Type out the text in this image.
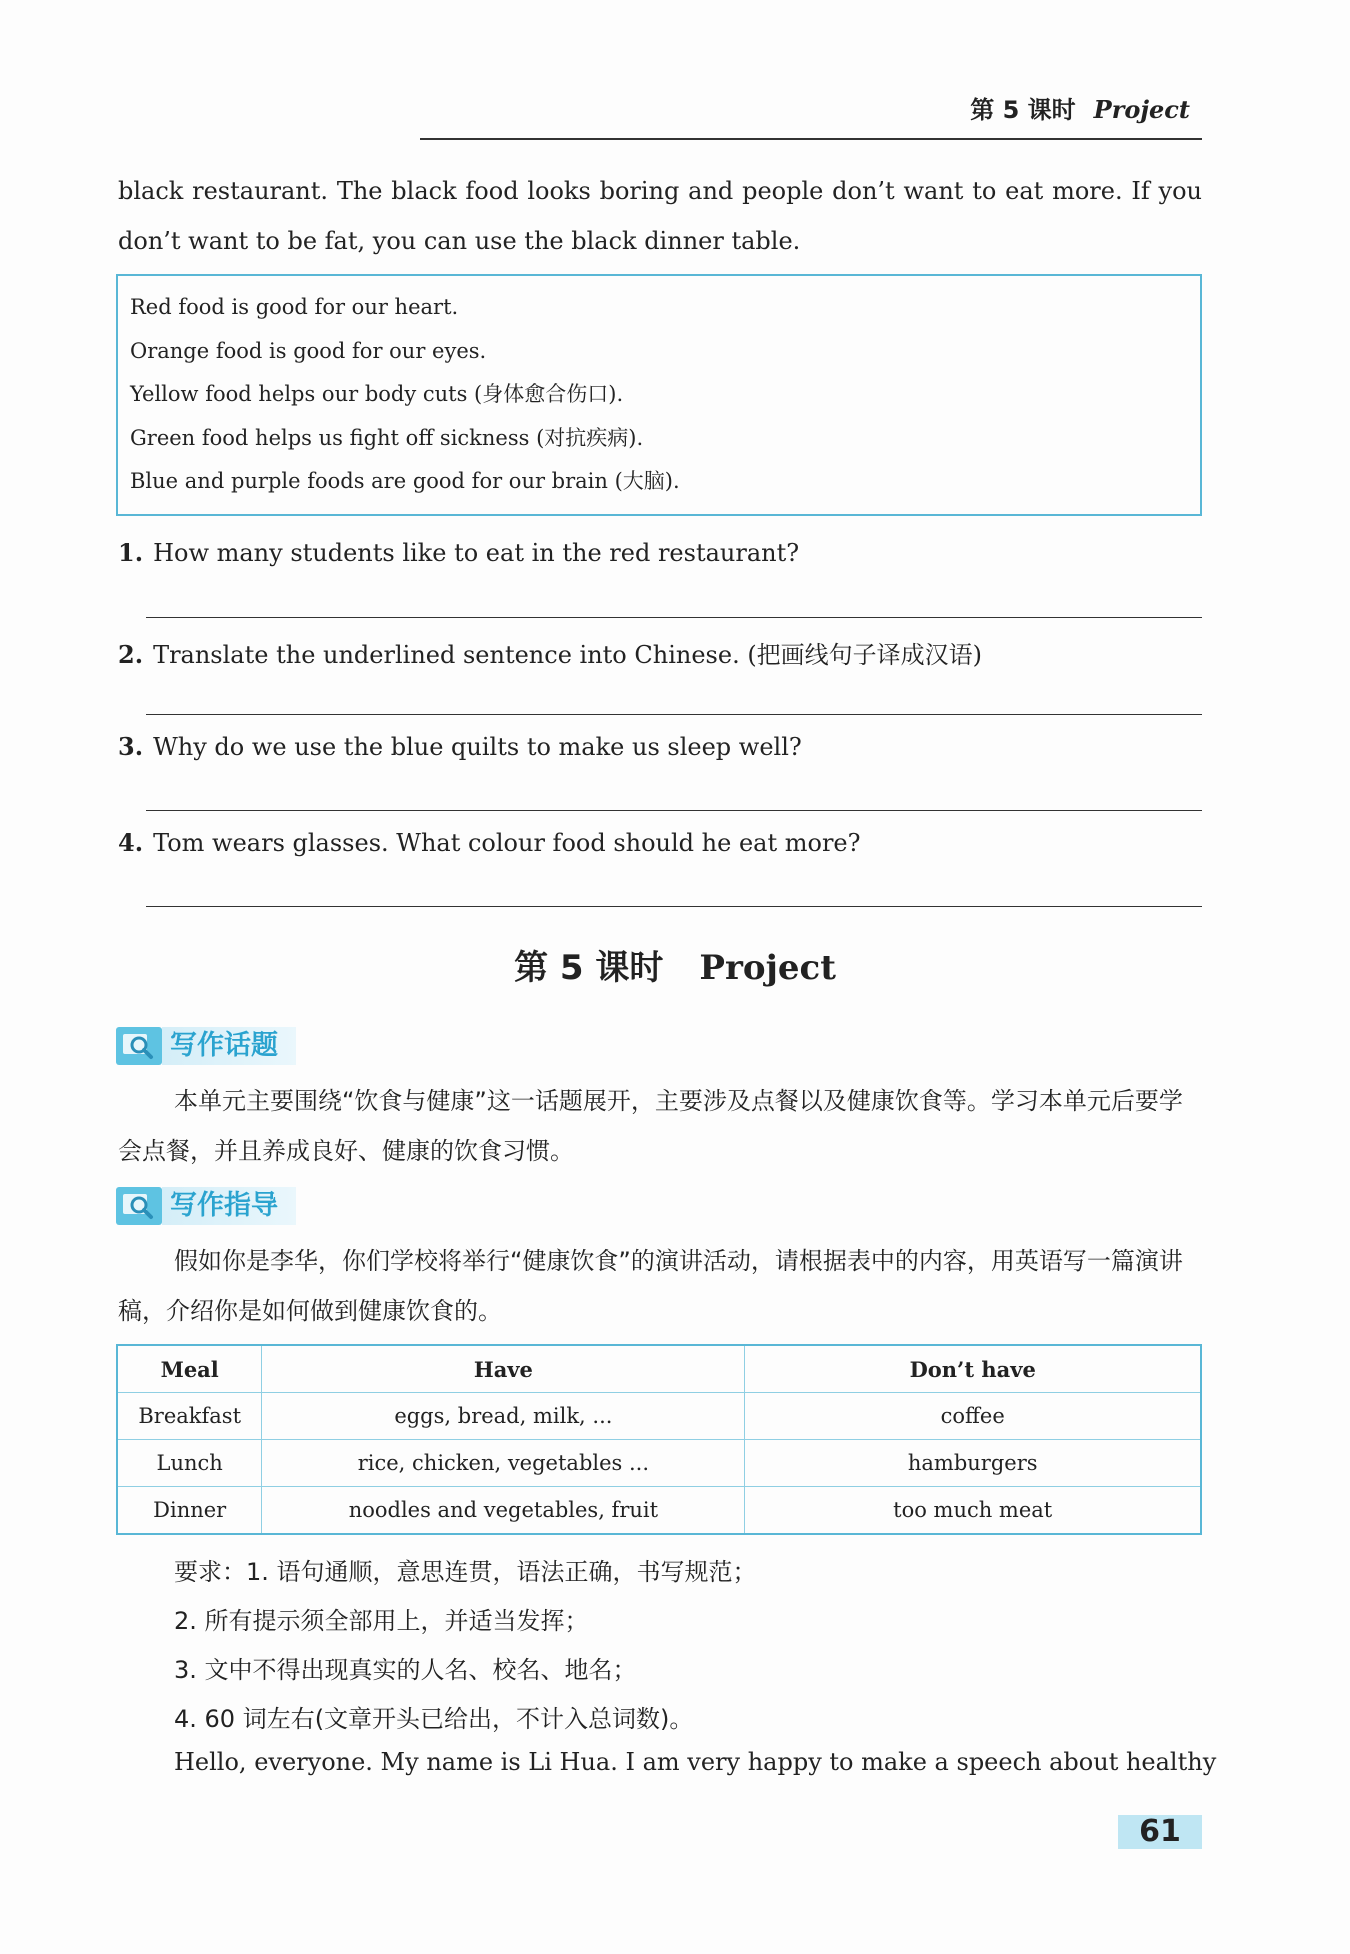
第 5 课时 Project
black restaurant. The black food looks boring and people don’t want to eat more. If you don’t want to be fat, you can use the black dinner table.
Red food is good for our heart.
Orange food is good for our eyes.
Yellow food helps our body cuts (身体愈合伤口).
Green food helps us fight off sickness (对抗疾病).
Blue and purple foods are good for our brain (大脑).
1. How many students like to eat in the red restaurant?
2. Translate the underlined sentence into Chinese. (把画线句子译成汉语)
3. Why do we use the blue quilts to make us sleep well?
4. Tom wears glasses. What colour food should he eat more?
第 5 课时 Project
写作话题
本单元主要围绕“饮食与健康”这一话题展开，主要涉及点餐以及健康饮食等。学习本单元后要学会点餐，并且养成良好、健康的饮食习惯。
写作指导
假如你是李华，你们学校将举行“健康饮食”的演讲活动，请根据表中的内容，用英语写一篇演讲稿，介绍你是如何做到健康饮食的。
Meal	Have	Don’t have
Breakfast	eggs, bread, milk, ...	coffee
Lunch	rice, chicken, vegetables ...	hamburgers
Dinner	noodles and vegetables, fruit	too much meat
要求：1. 语句通顺，意思连贯，语法正确，书写规范；
2. 所有提示须全部用上，并适当发挥；
3. 文中不得出现真实的人名、校名、地名；
4. 60 词左右(文章开头已给出，不计入总词数)。
Hello, everyone. My name is Li Hua. I am very happy to make a speech about healthy
61
